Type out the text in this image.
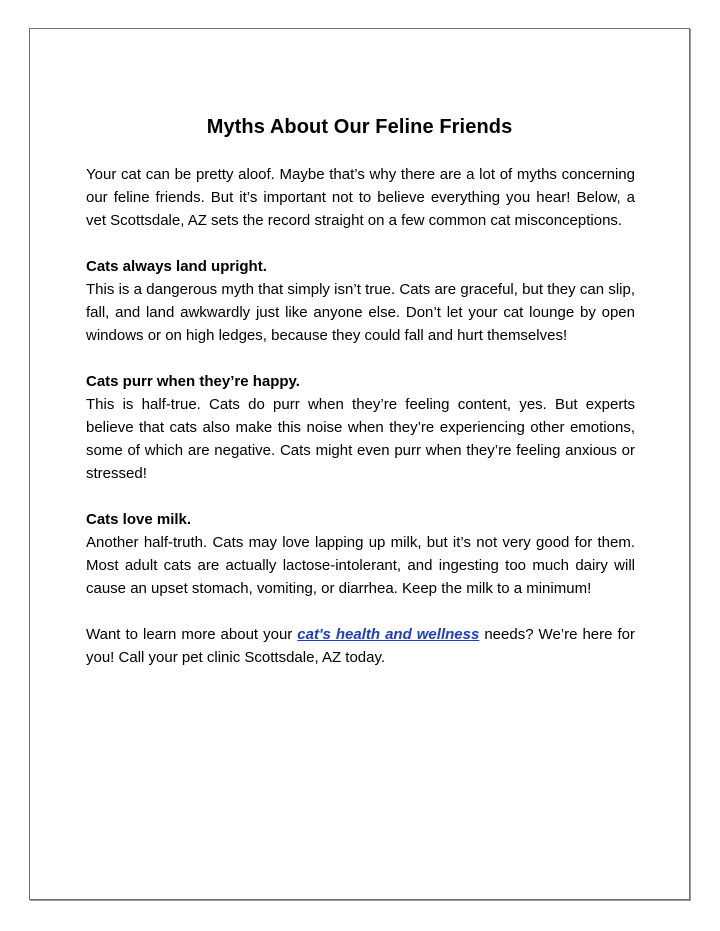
Myths About Our Feline Friends

Your cat can be pretty aloof. Maybe that’s why there are a lot of myths concerning our feline friends. But it’s important not to believe everything you hear! Below, a vet Scottsdale, AZ sets the record straight on a few common cat misconceptions.

Cats always land upright.

This is a dangerous myth that simply isn’t true. Cats are graceful, but they can slip, fall, and land awkwardly just like anyone else. Don’t let your cat lounge by open windows or on high ledges, because they could fall and hurt themselves!

Cats purr when they’re happy.

This is half-true. Cats do purr when they’re feeling content, yes. But experts believe that cats also make this noise when they’re experiencing other emotions, some of which are negative. Cats might even purr when they’re feeling anxious or stressed!

Cats love milk.

Another half-truth. Cats may love lapping up milk, but it’s not very good for them. Most adult cats are actually lactose-intolerant, and ingesting too much dairy will cause an upset stomach, vomiting, or diarrhea. Keep the milk to a minimum!

Want to learn more about your cat's health and wellness needs? We’re here for you! Call your pet clinic Scottsdale, AZ today.
